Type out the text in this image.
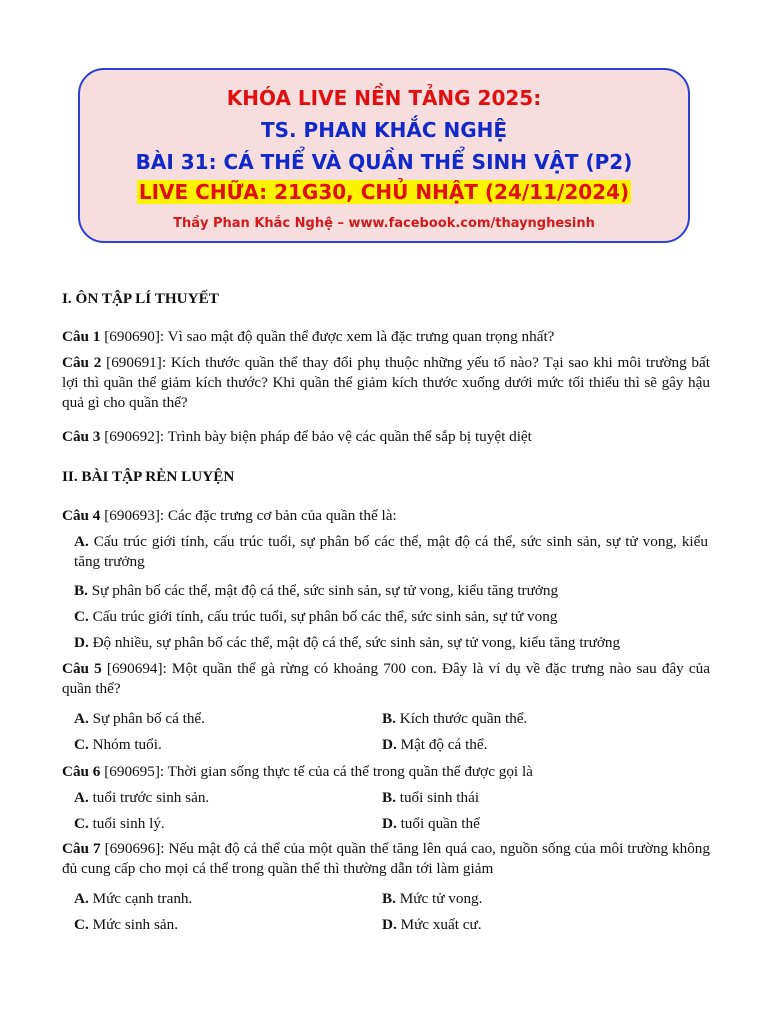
KHÓA LIVE NỀN TẢNG 2025:
TS. PHAN KHẮC NGHỆ
BÀI 31: CÁ THỂ VÀ QUẦN THỂ SINH VẬT (P2)
LIVE CHỮA: 21G30, CHỦ NHẬT (24/11/2024)
Thầy Phan Khắc Nghệ – www.facebook.com/thaynghesinh
I. ÔN TẬP LÍ THUYẾT
Câu 1 [690690]: Vì sao mật độ quần thể được xem là đặc trưng quan trọng nhất?
Câu 2 [690691]: Kích thước quần thể thay đổi phụ thuộc những yếu tố nào? Tại sao khi môi trường bất lợi thì quần thể giảm kích thước? Khi quần thể giảm kích thước xuống dưới mức tối thiểu thì sẽ gây hậu quả gì cho quần thể?
Câu 3 [690692]: Trình bày biện pháp để bảo vệ các quần thể sắp bị tuyệt diệt
II. BÀI TẬP RÈN LUYỆN
Câu 4 [690693]: Các đặc trưng cơ bản của quần thể là:
A. Cấu trúc giới tính, cấu trúc tuổi, sự phân bố các thể, mật độ cá thể, sức sinh sản, sự tử vong, kiểu tăng trưởng
B. Sự phân bố các thể, mật độ cá thể, sức sinh sản, sự tử vong, kiểu tăng trưởng
C. Cấu trúc giới tính, cấu trúc tuổi, sự phân bố các thể, sức sinh sản, sự tử vong
D. Độ nhiều, sự phân bố các thể, mật độ cá thể, sức sinh sản, sự tử vong, kiểu tăng trưởng
Câu 5 [690694]: Một quần thể gà rừng có khoảng 700 con. Đây là ví dụ về đặc trưng nào sau đây của quần thể?
A. Sự phân bố cá thể.	B. Kích thước quần thể.
C. Nhóm tuổi.	D. Mật độ cá thể.
Câu 6 [690695]: Thời gian sống thực tế của cá thể trong quần thể được gọi là
A. tuổi trước sinh sản.	B. tuổi sinh thái
C. tuổi sinh lý.	D. tuổi quần thể
Câu 7 [690696]: Nếu mật độ cá thể của một quần thể tăng lên quá cao, nguồn sống của môi trường không đủ cung cấp cho mọi cá thể trong quần thể thì thường dẫn tới làm giảm
A. Mức cạnh tranh.	B. Mức tử vong.
C. Mức sinh sản.	D. Mức xuất cư.
